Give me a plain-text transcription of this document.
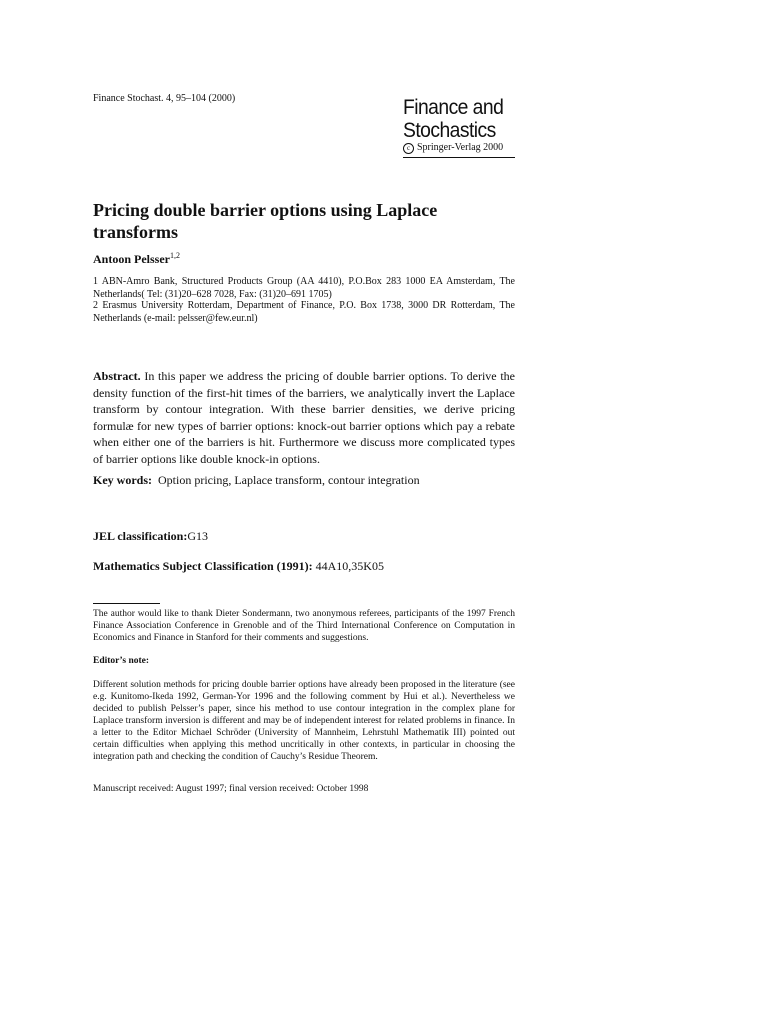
Finance Stochast. 4, 95–104 (2000)	Finance and
Stochastics
c Springer-Verlag 2000
Pricing double barrier options using Laplace transforms
Antoon Pelsser$^{1,2}$
1 ABN-Amro Bank, Structured Products Group (AA 4410), P.O.Box 283 1000 EA Amsterdam, The Netherlands( Tel: (31)20–628 7028, Fax: (31)20–691 1705)
2 Erasmus University Rotterdam, Department of Finance, P.O. Box 1738, 3000 DR Rotterdam, The Netherlands (e-mail: pelsser@few.eur.nl)
Abstract. In this paper we address the pricing of double barrier options. To derive the density function of the first-hit times of the barriers, we analytically invert the Laplace transform by contour integration. With these barrier densities, we derive pricing formulæ for new types of barrier options: knock-out barrier options which pay a rebate when either one of the barriers is hit. Furthermore we discuss more complicated types of barrier options like double knock-in options.
Key words: Option pricing, Laplace transform, contour integration
JEL classification:G13
Mathematics Subject Classification (1991): 44A10,35K05
The author would like to thank Dieter Sondermann, two anonymous referees, participants of the 1997 French Finance Association Conference in Grenoble and of the Third International Conference on Computation in Economics and Finance in Stanford for their comments and suggestions.
Editor’s note:
Different solution methods for pricing double barrier options have already been proposed in the literature (see e.g. Kunitomo-Ikeda 1992, German-Yor 1996 and the following comment by Hui et al.). Nevertheless we decided to publish Pelsser’s paper, since his method to use contour integration in the complex plane for Laplace transform inversion is different and may be of independent interest for related problems in finance. In a letter to the Editor Michael Schröder (University of Mannheim, Lehrstuhl Mathematik III) pointed out certain difficulties when applying this method uncritically in other contexts, in particular in choosing the integration path and checking the condition of Cauchy’s Residue Theorem.
Manuscript received: August 1997; final version received: October 1998
